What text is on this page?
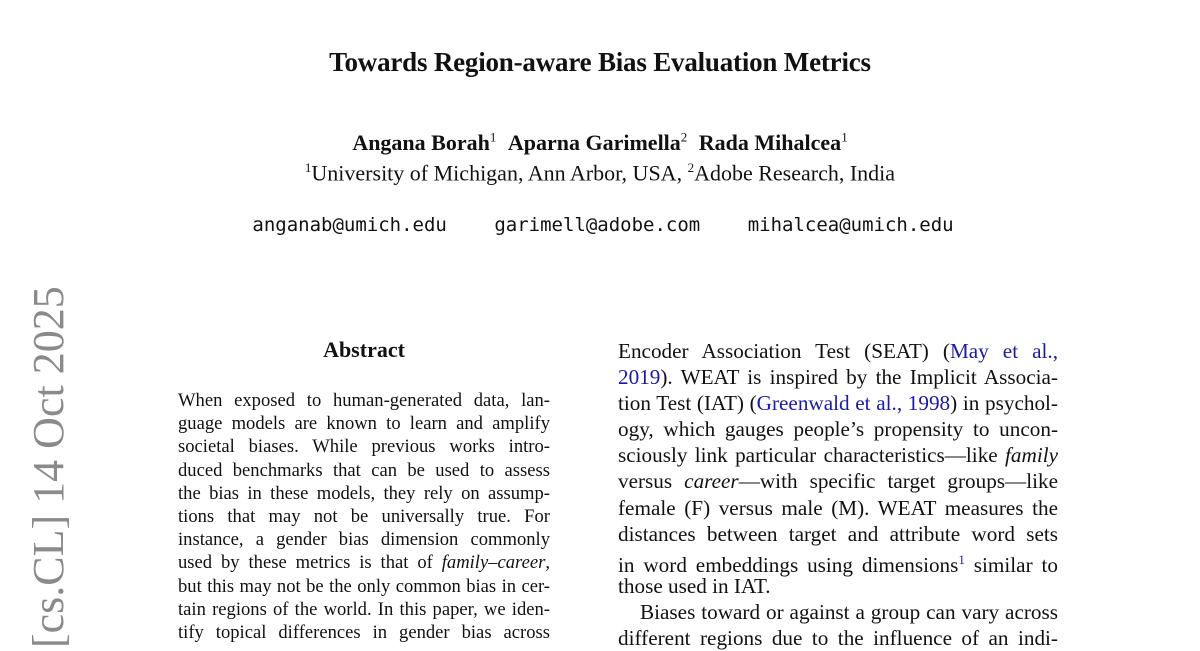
[cs.CL] 14 Oct 2025
Towards Region-aware Bias Evaluation Metrics
Angana Borah$^1$ Aparna Garimella$^2$ Rada Mihalcea$^1$
$^1$University of Michigan, Ann Arbor, USA, $^2$Adobe Research, India
anganab@umich.edu garimell@adobe.com mihalcea@umich.edu
Abstract
When exposed to human-generated data, lan-
guage models are known to learn and amplify
societal biases. While previous works intro-
duced benchmarks that can be used to assess
the bias in these models, they rely on assump-
tions that may not be universally true. For
instance, a gender bias dimension commonly
used by these metrics is that of family–career,
but this may not be the only common bias in cer-
tain regions of the world. In this paper, we iden-
tify topical differences in gender bias across
Encoder Association Test (SEAT) (May et al.,
2019). WEAT is inspired by the Implicit Associa-
tion Test (IAT) (Greenwald et al., 1998) in psychol-
ogy, which gauges people’s propensity to uncon-
sciously link particular characteristics—like family
versus career—with specific target groups—like
female (F) versus male (M). WEAT measures the
distances between target and attribute word sets
in word embeddings using dimensions$^1$ similar to
those used in IAT.
Biases toward or against a group can vary across
different regions due to the influence of an indi-
